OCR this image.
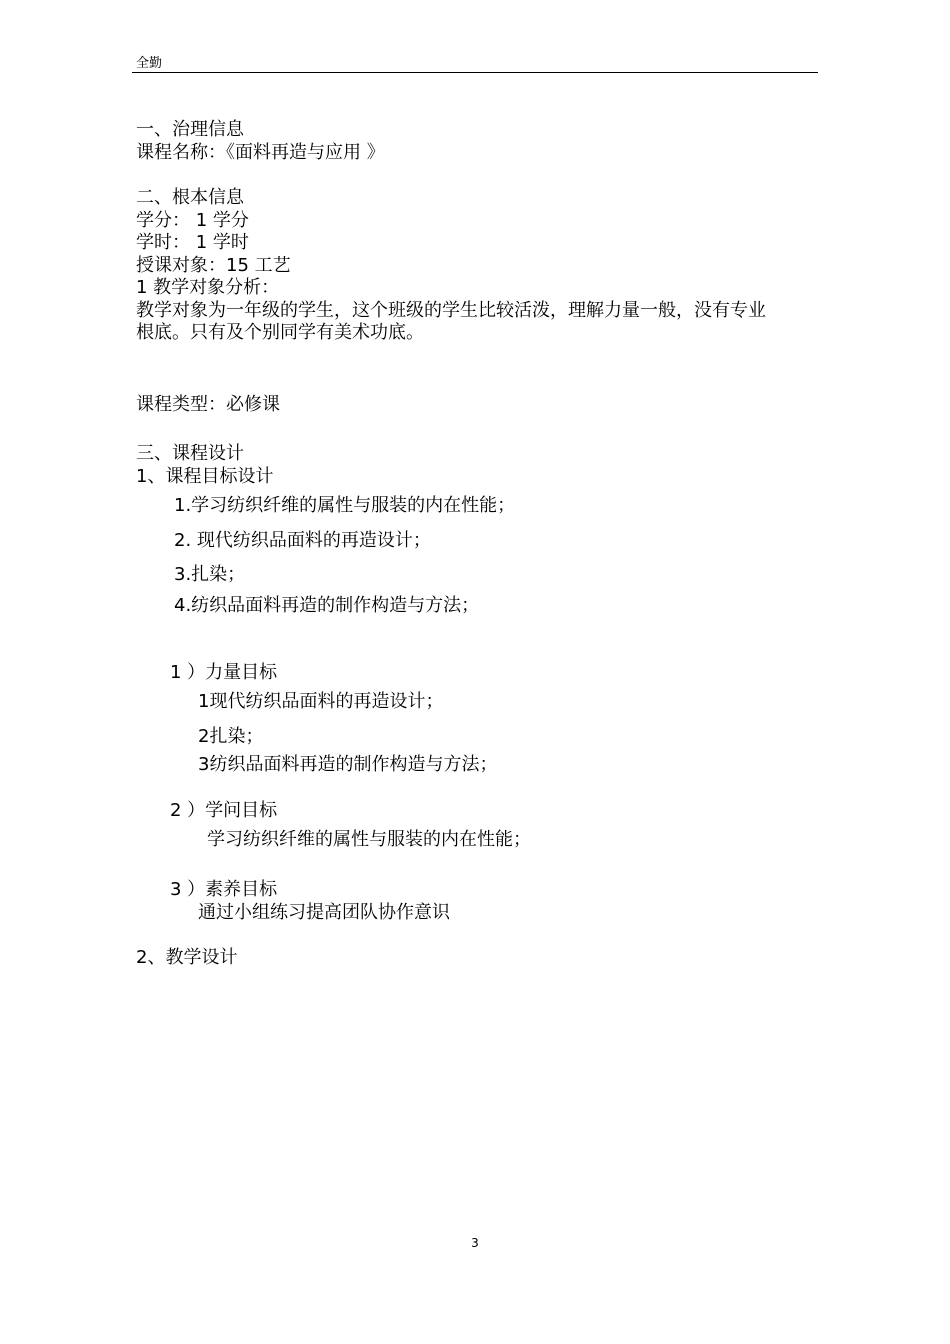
全勤
一、治理信息
课程名称：《面料再造与应用 》
二、根本信息
学分： 1 学分
学时： 1 学时
授课对象：15 工艺
1 教学对象分析：
教学对象为一年级的学生，这个班级的学生比较活泼，理解力量一般，没有专业
根底。只有及个别同学有美术功底。
课程类型：必修课
三、课程设计
1、课程目标设计
1.学习纺织纤维的属性与服装的内在性能；
2. 现代纺织品面料的再造设计；
3.扎染；
4.纺织品面料再造的制作构造与方法；
1 ）力量目标
1现代纺织品面料的再造设计；
2扎染；
3纺织品面料再造的制作构造与方法；
2 ）学问目标
学习纺织纤维的属性与服装的内在性能；
3 ）素养目标
通过小组练习提高团队协作意识
2、教学设计
3
